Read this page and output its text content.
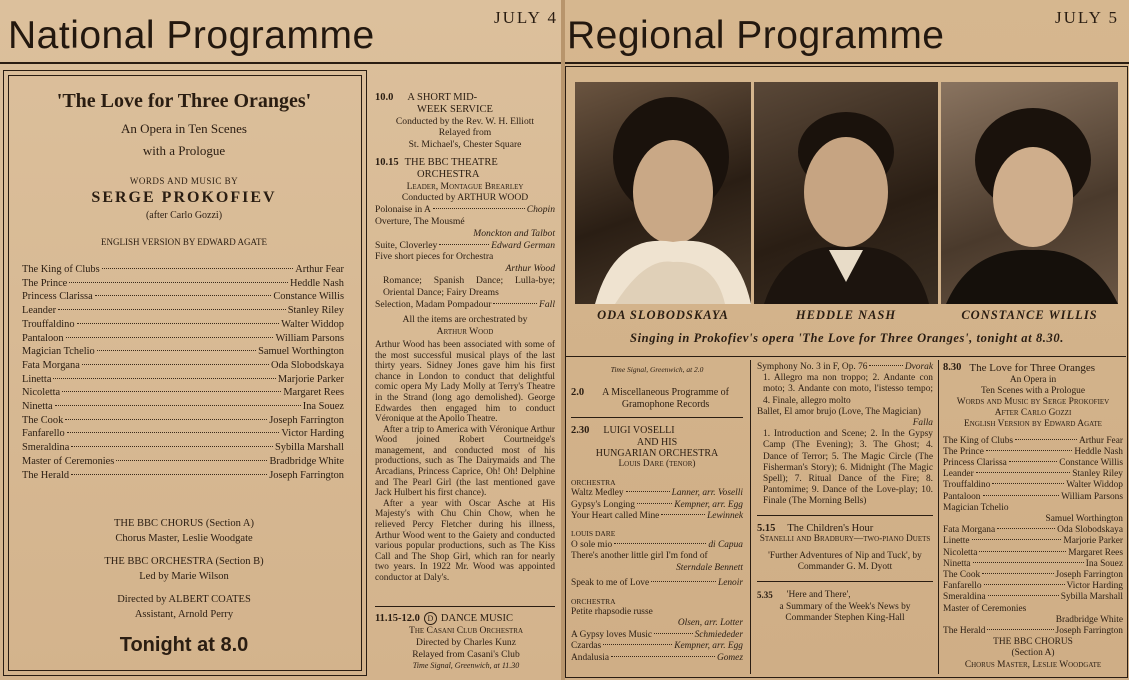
National Programme	JULY 4
'The Love for Three Oranges'
An Opera in Ten Scenes
with a Prologue
WORDS AND MUSIC BY
SERGE PROKOFIEV
(after Carlo Gozzi)
ENGLISH VERSION BY EDWARD AGATE
The King of Clubs	Arthur Fear
The Prince	Heddle Nash
Princess Clarissa	Constance Willis
Leander	Stanley Riley
Trouffaldino	Walter Widdop
Pantaloon	William Parsons
Magician Tchelio	Samuel Worthington
Fata Morgana	Oda Slobodskaya
Linetta	Marjorie Parker
Nicoletta	Margaret Rees
Ninetta	Ina Souez
The Cook	Joseph Farrington
Fanfarello	Victor Harding
Smeraldina	Sybilla Marshall
Master of Ceremonies	Bradbridge White
The Herald	Joseph Farrington
THE BBC CHORUS (Section A)
Chorus Master, Leslie Woodgate
THE BBC ORCHESTRA (Section B)
Led by Marie Wilson
Directed by ALBERT COATES
Assistant, Arnold Perry
Tonight at 8.0
10.0 A SHORT MID-
WEEK SERVICE
Conducted by the Rev. W. H. Elliott
Relayed from
St. Michael's, Chester Square
10.15 THE BBC THEATRE
ORCHESTRA
Leader, Montague Brearley
Conducted by ARTHUR WOOD
Polonaise in A	Chopin
Overture, The Mousmé
Monckton and Talbot
Suite, Cloverley	Edward German
Five short pieces for Orchestra
Arthur Wood
Romance; Spanish Dance; Lulla-bye; Oriental Dance; Fairy Dreams
Selection, Madam Pompadour	Fall
All the items are orchestrated by
Arthur Wood
Arthur Wood has been associated with some of the most successful musical plays of the last thirty years. Sidney Jones gave him his first chance in London to conduct that delightful comic opera My Lady Molly at Terry's Theatre in the Strand (long ago demolished). George Edwardes then engaged him to conduct Véronique at the Apollo Theatre.
After a trip to America with Véronique Arthur Wood joined Robert Courtneidge's management, and conducted most of his productions, such as The Dairymaids and The Arcadians, Princess Caprice, Oh! Oh! Delphine and The Pearl Girl (the last mentioned gave Jack Hulbert his first chance).
After a year with Oscar Asche at His Majesty's with Chu Chin Chow, when he relieved Percy Fletcher during his illness, Arthur Wood went to the Gaiety and conducted various popular productions, such as The Kiss Call and The Shop Girl, which ran for nearly two years. In 1922 Mr. Wood was appointed conductor at Daly's.
11.15-12.0 D DANCE MUSIC
The Casani Club Orchestra
Directed by Charles Kunz
Relayed from Casani's Club
Time Signal, Greenwich, at 11.30
Regional Programme	JULY 5
ODA SLOBODSKAYA	HEDDLE NASH	CONSTANCE WILLIS
Singing in Prokofiev's opera 'The Love for Three Oranges', tonight at 8.30.
Time Signal, Greenwich, at 2.0
2.0	A Miscellaneous Programme of Gramophone Records
2.30 LUIGI VOSELLI
AND HIS
HUNGARIAN ORCHESTRA
Louis Dare (tenor)
ORCHESTRA
Waltz Medley	Lanner, arr. Voselli
Gypsy's Longing	Kempner, arr. Egg
Your Heart called Mine	Lewinnek
LOUIS DARE
O sole mio	di Capua
There's another little girl I'm fond of
Sterndale Bennett
Speak to me of Love	Lenoir
ORCHESTRA
Petite rhapsodie russe
Olsen, arr. Lotter
A Gypsy loves Music	Schmiededer
Czardas	Kempner, arr. Egg
Andalusia	Gomez
Symphony No. 3 in F, Op. 76	Dvorak
1. Allegro ma non troppo; 2. Andante con moto; 3. Andante con moto, l'istesso tempo; 4. Finale, allegro molto
Ballet, El amor brujo (Love, The Magician)
Falla
1. Introduction and Scene; 2. In the Gypsy Camp (The Evening); 3. The Ghost; 4. Dance of Terror; 5. The Magic Circle (The Fisherman's Story); 6. Midnight (The Magic Spell); 7. Ritual Dance of the Fire; 8. Pantomime; 9. Dance of the Love-play; 10. Finale (The Morning Bells)
5.15 The Children's Hour
Stanelli and Bradbury—two-piano Duets
'Further Adventures of Nip and Tuck', by Commander G. M. Dyott
5.35 'Here and There',
a Summary of the Week's News by Commander Stephen King-Hall
8.30 The Love for Three Oranges
An Opera in
Ten Scenes with a Prologue
Words and Music by Serge Prokofiev
After Carlo Gozzi
English Version by Edward Agate
The King of Clubs	Arthur Fear
The Prince	Heddle Nash
Princess Clarissa	Constance Willis
Leander	Stanley Riley
Trouffaldino	Walter Widdop
Pantaloon	William Parsons
Magician Tchelio
Samuel Worthington
Fata Morgana	Oda Slobodskaya
Linette	Marjorie Parker
Nicoletta	Margaret Rees
Ninetta	Ina Souez
The Cook	Joseph Farrington
Fanfarello	Victor Harding
Smeraldina	Sybilla Marshall
Master of Ceremonies
Bradbridge White
The Herald	Joseph Farrington
THE BBC CHORUS
(Section A)
Chorus Master, Leslie Woodgate
